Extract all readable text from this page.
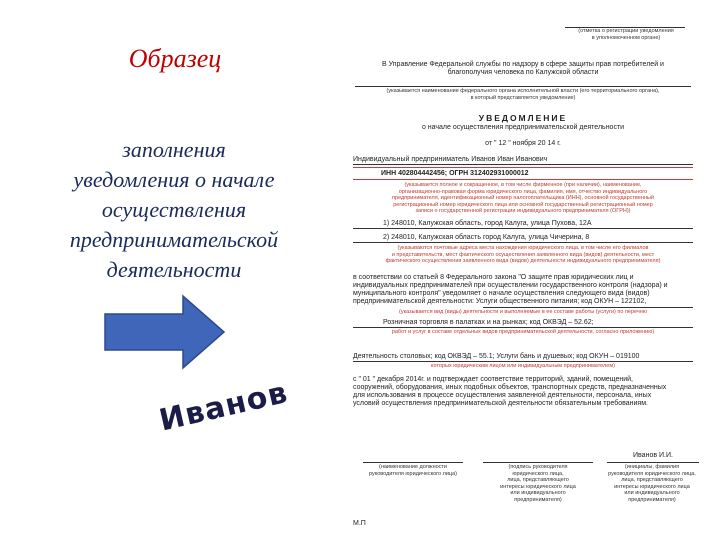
Образец
заполнения
уведомления о начале
осуществления
предпринимательской
деятельности
(отметка о регистрации уведомления
в уполномоченном органе)
В Управление Федеральной службы по надзору в сфере защиты прав потребителей и
благополучия человека по Калужской области
(указывается наименование федерального органа исполнительной власти (его территориального органа),
в который представляется уведомление)
УВЕДОМЛЕНИЕ
о начале осуществления предпринимательской деятельности
от " 12 " ноября 20 14 г.
Индивидуальный предприниматель Иванов Иван Иванович
ИНН 402804442456; ОГРН 312402931000012
(указывается полное и сокращенное, в том числе фирменное (при наличии), наименование,
организационно-правовая форма юридического лица, фамилия, имя, отчество индивидуального
предпринимателя, идентификационный номер налогоплательщика (ИНН), основной государственный
регистрационный номер юридического лица или основной государственный регистрационный номер
записи о государственной регистрации индивидуального предпринимателя (ОГРН))
1) 248010, Калужская область, город Калуга, улица Пухова, 12А
2) 248010, Калужская область город Калуга, улица Чичерина, 8
(указываются почтовые адреса места нахождения юридического лица, в том числе его филиалов
и представительств, мест фактического осуществления заявленного вида (видов) деятельности, мест
фактического осуществления заявленного вида (видов) деятельности индивидуального предпринимателя)
в соответствии со статьей 8 Федерального закона "О защите прав юридических лиц и
индивидуальных предпринимателей при осуществлении государственного контроля (надзора) и
муниципального контроля" уведомляет о начале осуществления следующего вида (видов)
предпринимательской деятельности: Услуги общественного питания; код ОКУН – 122102,
(указывается вид (виды) деятельности и выполняемые в ее составе работы (услуги) по перечню
Розничная торговля в палатках и на рынках; код ОКВЭД – 52.62;
работ и услуг в составе отдельных видов предпринимательской деятельности, согласно приложению)
Деятельность столовых; код ОКВЭД – 55.1; Услуги бань и душевых; код ОКУН – 019100
которых юридическим лицом или индивидуальным предпринимателем)
с " 01 " декабря 2014г. и подтверждает соответствие территорий, зданий, помещений,
сооружений, оборудования, иных подобных объектов, транспортных средств, предназначенных
для использования в процессе осуществления заявленной деятельности, персонала, иных
условий осуществления предпринимательской деятельности обязательным требованиям.
(наименование должности
руководителя юридического лица)
(подпись руководителя
юридического лица,
лица, представляющего
интересы юридического лица
или индивидуального
предпринимателя)
Иванов И.И.
(инициалы, фамилия
руководителя юридического лица,
лица, представляющего
интересы юридического лица
или индивидуального
предпринимателя)
М.П
Иванов
